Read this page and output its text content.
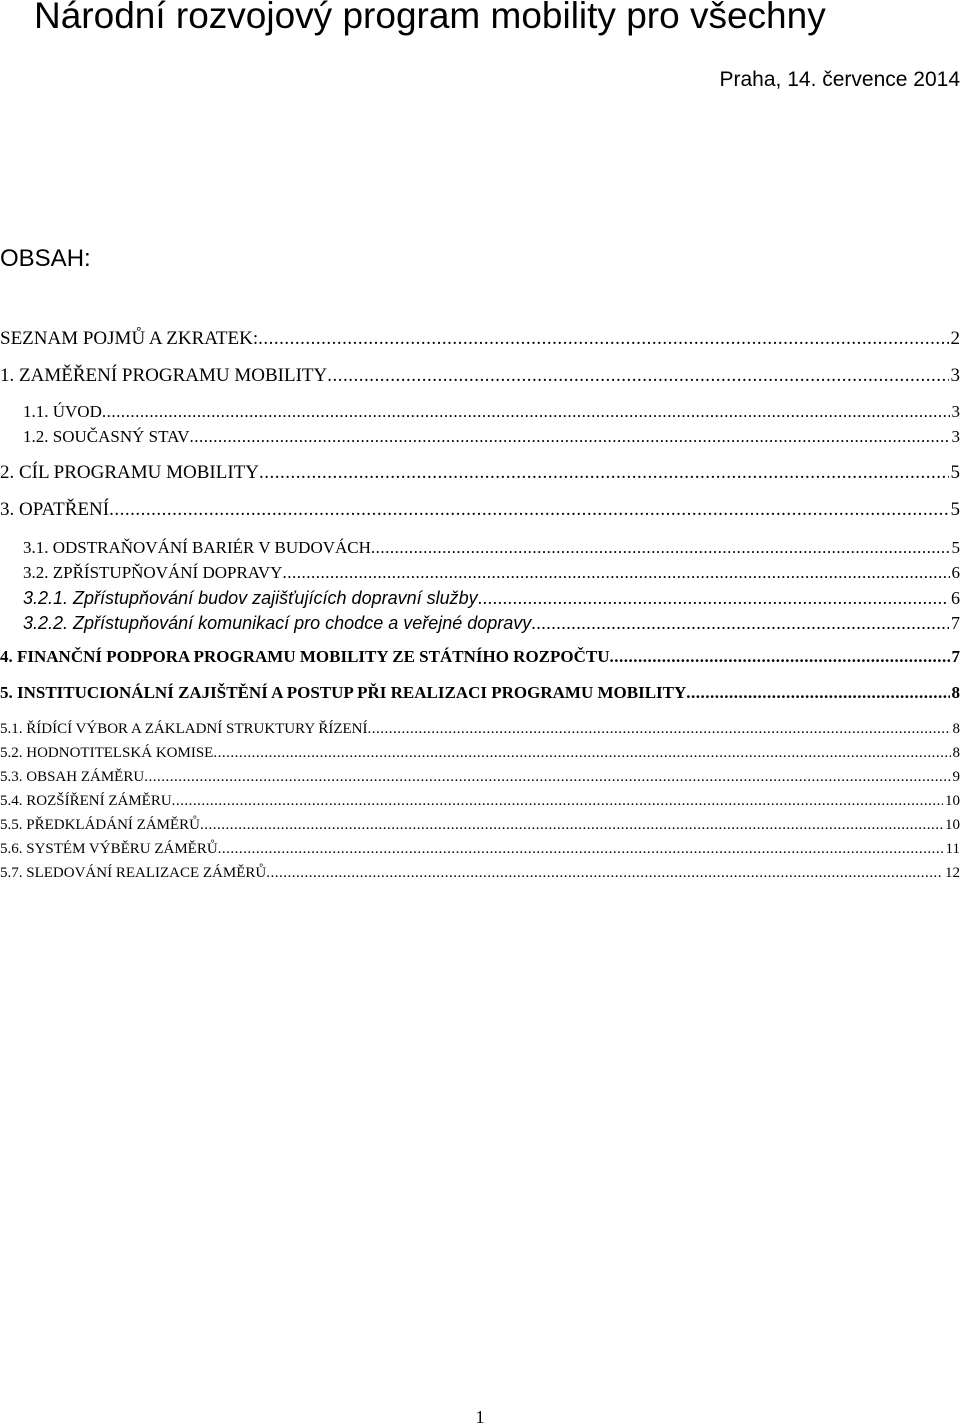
Národní rozvojový program mobility pro všechny
Praha, 14. července 2014
OBSAH:
SEZNAM POJMŮ A ZKRATEK: .....	2
1. ZAMĚŘENÍ PROGRAMU MOBILITY .....	3
1.1. ÚVOD .....	3
1.2. SOUČASNÝ STAV .....	3
2. CÍL PROGRAMU MOBILITY .....	5
3. OPATŘENÍ .....	5
3.1. ODSTRAŇOVÁNÍ BARIÉR V BUDOVÁCH .....	5
3.2. ZPŘÍSTUPŇOVÁNÍ DOPRAVY .....	6
3.2.1. Zpřístupňování budov zajišťujících dopravní služby .....	6
3.2.2. Zpřístupňování komunikací pro chodce a veřejné dopravy .....	7
4. FINANČNÍ PODPORA PROGRAMU MOBILITY ZE STÁTNÍHO ROZPOČTU .....	7
5. INSTITUCIONÁLNÍ ZAJIŠTĚNÍ A POSTUP PŘI REALIZACI PROGRAMU MOBILITY .....	8
5.1. ŘÍDÍCÍ VÝBOR A ZÁKLADNÍ STRUKTURY ŘÍZENÍ .....	8
5.2. HODNOTITELSKÁ KOMISE .....	8
5.3. OBSAH ZÁMĚRU .....	9
5.4. ROZŠÍŘENÍ ZÁMĚRU .....	10
5.5. PŘEDKLÁDÁNÍ ZÁMĚRŮ .....	10
5.6. SYSTÉM VÝBĚRU ZÁMĚRŮ .....	11
5.7. SLEDOVÁNÍ REALIZACE ZÁMĚRŮ .....	12
1
